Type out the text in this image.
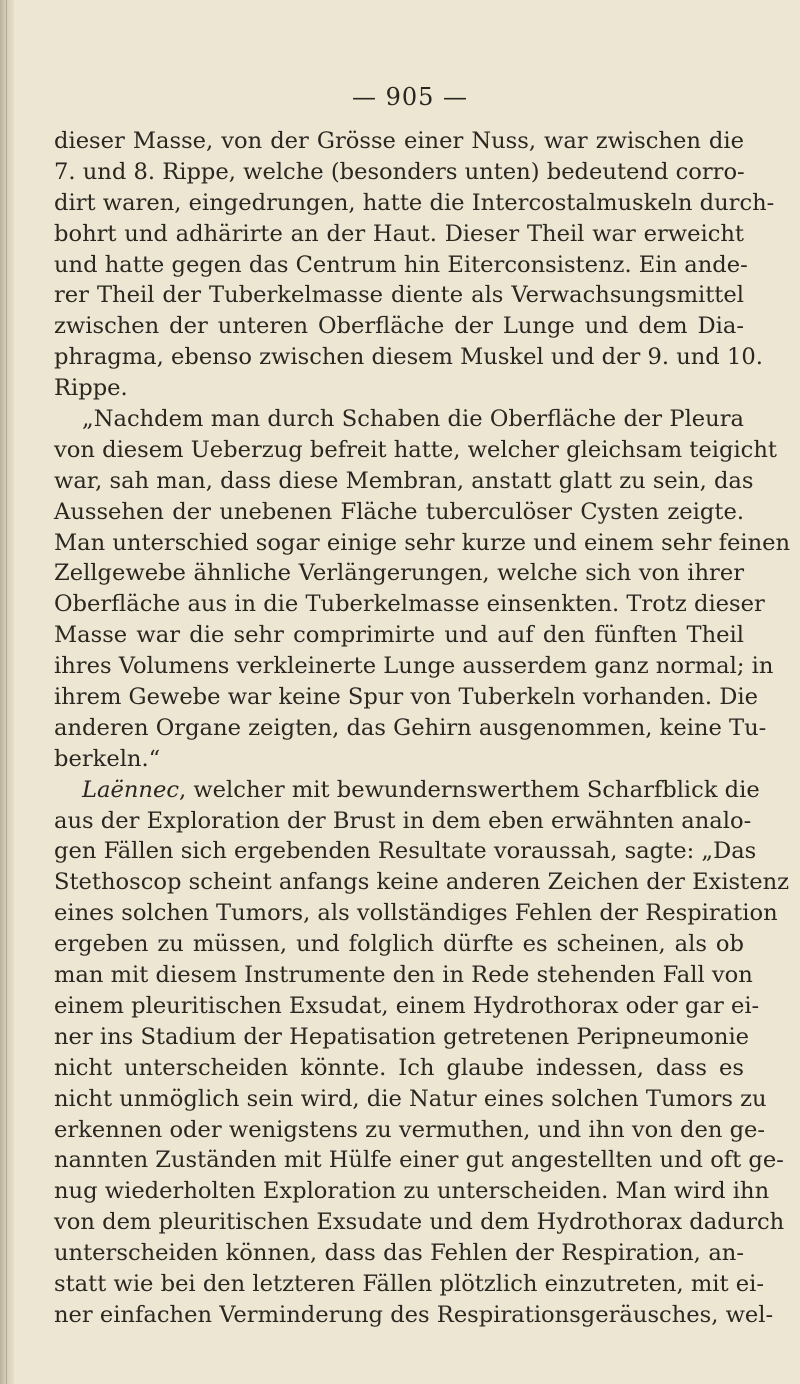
— 905 —
dieser Masse, von der Grösse einer Nuss, war zwischen die
7. und 8. Rippe, welche (besonders unten) bedeutend corro-
dirt waren, eingedrungen, hatte die Intercostalmuskeln durch-
bohrt und adhärirte an der Haut. Dieser Theil war erweicht
und hatte gegen das Centrum hin Eiterconsistenz. Ein ande-
rer Theil der Tuberkelmasse diente als Verwachsungsmittel
zwischen der unteren Oberfläche der Lunge und dem Dia-
phragma, ebenso zwischen diesem Muskel und der 9. und 10.
Rippe.
„Nachdem man durch Schaben die Oberfläche der Pleura
von diesem Ueberzug befreit hatte, welcher gleichsam teigicht
war, sah man, dass diese Membran, anstatt glatt zu sein, das
Aussehen der unebenen Fläche tuberculöser Cysten zeigte.
Man unterschied sogar einige sehr kurze und einem sehr feinen
Zellgewebe ähnliche Verlängerungen, welche sich von ihrer
Oberfläche aus in die Tuberkelmasse einsenkten. Trotz dieser
Masse war die sehr comprimirte und auf den fünften Theil
ihres Volumens verkleinerte Lunge ausserdem ganz normal; in
ihrem Gewebe war keine Spur von Tuberkeln vorhanden. Die
anderen Organe zeigten, das Gehirn ausgenommen, keine Tu-
berkeln.“
Laënnec, welcher mit bewundernswerthem Scharfblick die
aus der Exploration der Brust in dem eben erwähnten analo-
gen Fällen sich ergebenden Resultate voraussah, sagte: „Das
Stethoscop scheint anfangs keine anderen Zeichen der Existenz
eines solchen Tumors, als vollständiges Fehlen der Respiration
ergeben zu müssen, und folglich dürfte es scheinen, als ob
man mit diesem Instrumente den in Rede stehenden Fall von
einem pleuritischen Exsudat, einem Hydrothorax oder gar ei-
ner ins Stadium der Hepatisation getretenen Peripneumonie
nicht unterscheiden könnte. Ich glaube indessen, dass es
nicht unmöglich sein wird, die Natur eines solchen Tumors zu
erkennen oder wenigstens zu vermuthen, und ihn von den ge-
nannten Zuständen mit Hülfe einer gut angestellten und oft ge-
nug wiederholten Exploration zu unterscheiden. Man wird ihn
von dem pleuritischen Exsudate und dem Hydrothorax dadurch
unterscheiden können, dass das Fehlen der Respiration, an-
statt wie bei den letzteren Fällen plötzlich einzutreten, mit ei-
ner einfachen Verminderung des Respirationsgeräusches, wel-
